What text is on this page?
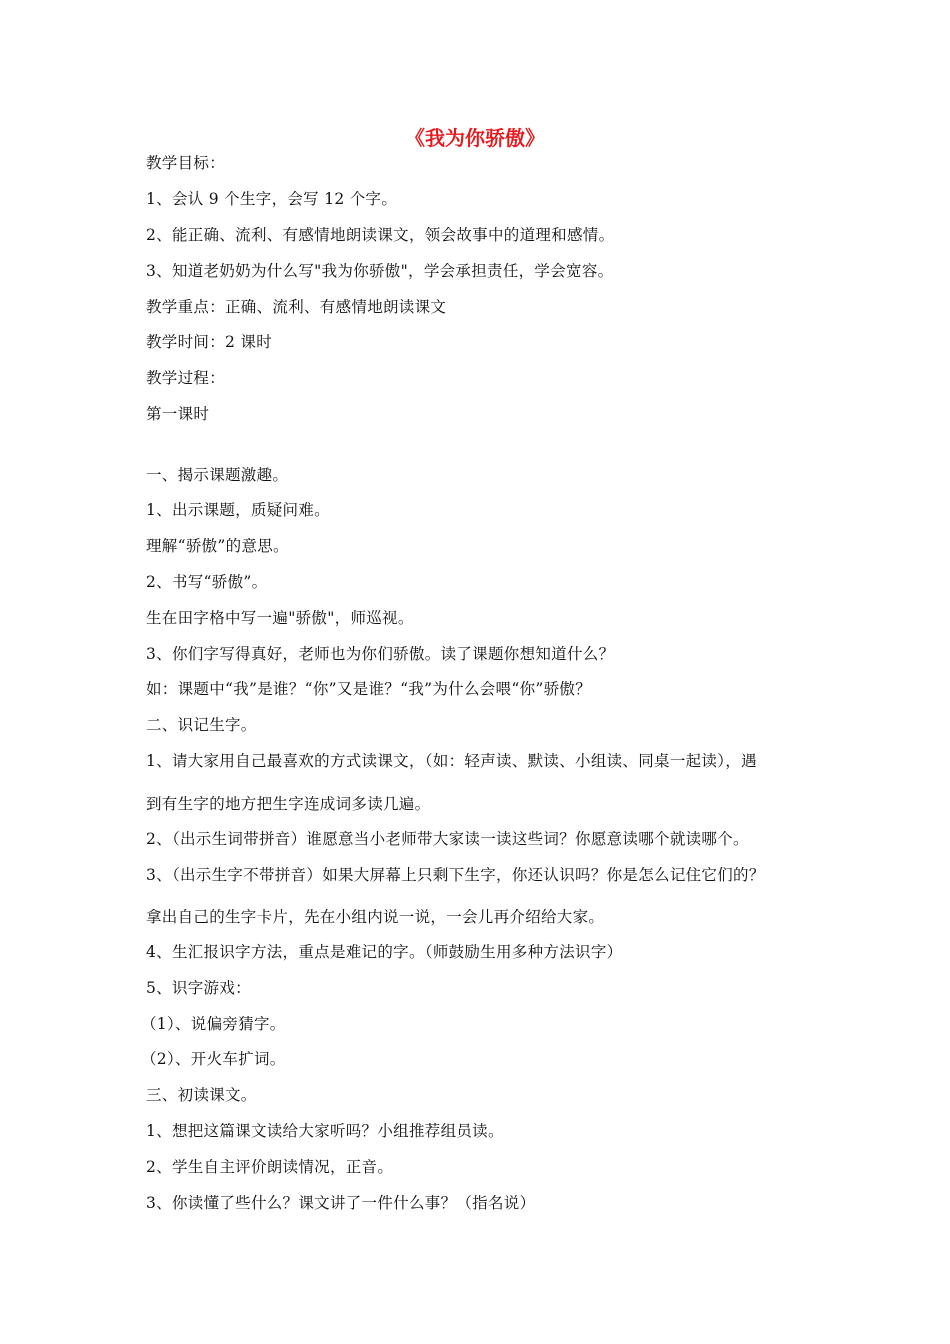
《我为你骄傲》
教学目标：
1、会认 9 个生字，会写 12 个字。
2、能正确、流利、有感情地朗读课文，领会故事中的道理和感情。
3、知道老奶奶为什么写"我为你骄傲"，学会承担责任，学会宽容。
教学重点：正确、流利、有感情地朗读课文
教学时间：2 课时
教学过程：
第一课时
一、揭示课题激趣。
1、出示课题，质疑问难。
理解“骄傲”的意思。
2、书写“骄傲”。
生在田字格中写一遍"骄傲"，师巡视。
3、你们字写得真好，老师也为你们骄傲。读了课题你想知道什么？
如：课题中“我”是谁？“你”又是谁？“我”为什么会喂“你”骄傲？
二、识记生字。
1、请大家用自己最喜欢的方式读课文，（如：轻声读、默读、小组读、同桌一起读），遇
到有生字的地方把生字连成词多读几遍。
2、（出示生词带拼音）谁愿意当小老师带大家读一读这些词？你愿意读哪个就读哪个。
3、（出示生字不带拼音）如果大屏幕上只剩下生字，你还认识吗？你是怎么记住它们的？
拿出自己的生字卡片，先在小组内说一说，一会儿再介绍给大家。
4、生汇报识字方法，重点是难记的字。（师鼓励生用多种方法识字）
5、识字游戏：
（1）、说偏旁猜字。
（2）、开火车扩词。
三、初读课文。
1、想把这篇课文读给大家听吗？小组推荐组员读。
2、学生自主评价朗读情况，正音。
3、你读懂了些什么？课文讲了一件什么事？（指名说）
